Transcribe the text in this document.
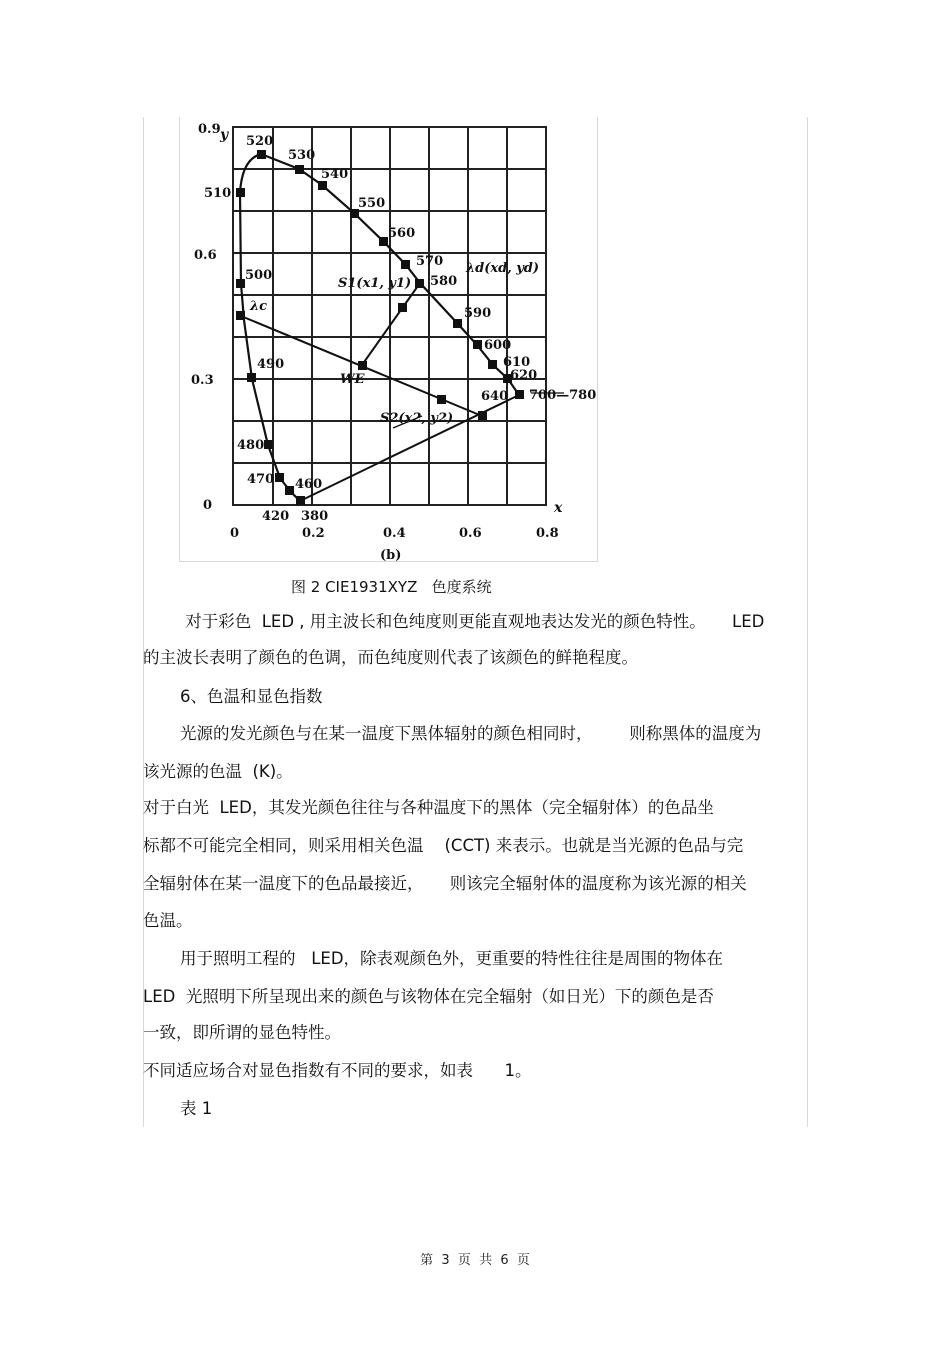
0.9
0.6
0.3
0
0	0.2	0.4	0.6	0.8
(b)
y
x
520
530
540
550
560
570
580
590
600
610
620
700—780
640
510
500
490
480
470 460
420 380
λc
λd(xd, yd)
S1(x1, y1)
S2(x2, y2)
WE
图 2 CIE1931XYZ   色度系统
对于彩色  LED , 用主波长和色纯度则更能直观地表达发光的颜色特性。     LED
的主波长表明了颜色的色调，而色纯度则代表了该颜色的鲜艳程度。
6、色温和显色指数
光源的发光颜色与在某一温度下黑体辐射的颜色相同时，       则称黑体的温度为
该光源的色温  (K)。
对于白光  LED，其发光颜色往往与各种温度下的黑体（完全辐射体）的色品坐
标都不可能完全相同，则采用相关色温    (CCT) 来表示。也就是当光源的色品与完
全辐射体在某一温度下的色品最接近，     则该完全辐射体的温度称为该光源的相关
色温。
用于照明工程的   LED，除表观颜色外，更重要的特性往往是周围的物体在
LED  光照明下所呈现出来的颜色与该物体在完全辐射（如日光）下的颜色是否
一致，即所谓的显色特性。
不同适应场合对显色指数有不同的要求，如表      1。
表 1
第  3  页  共  6  页
